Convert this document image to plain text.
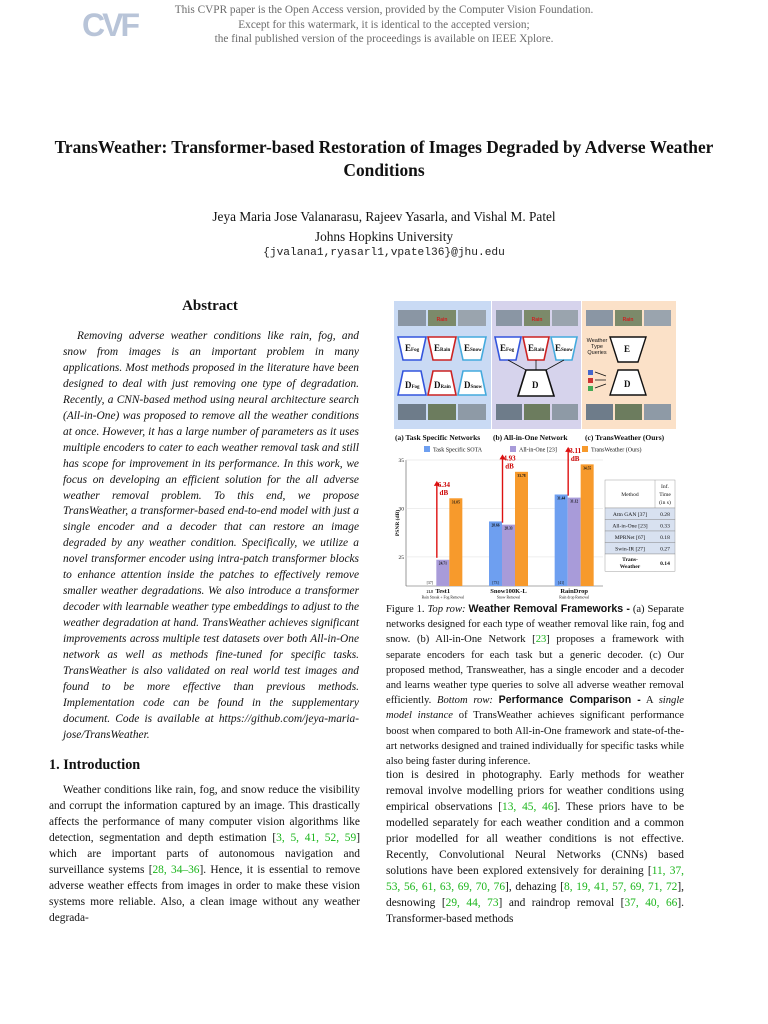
This CVPR paper is the Open Access version, provided by the Computer Vision Foundation.
Except for this watermark, it is identical to the accepted version;
the final published version of the proceedings is available on IEEE Xplore.
CVF
TransWeather: Transformer-based Restoration of Images Degraded by Adverse Weather Conditions
Jeya Maria Jose Valanarasu, Rajeev Yasarla, and Vishal M. Patel
Johns Hopkins University
{jvalana1,ryasarl1,vpatel36}@jhu.edu
Abstract

Removing adverse weather conditions like rain, fog, and snow from images is an important problem in many applications. Most methods proposed in the literature have been designed to deal with just removing one type of degradation. Recently, a CNN-based method using neural architecture search (All-in-One) was proposed to remove all the weather conditions at once. However, it has a large number of parameters as it uses multiple encoders to cater to each weather removal task and still has scope for improvement in its performance. In this work, we focus on developing an efficient solution for the all adverse weather removal problem. To this end, we propose TransWeather, a transformer-based end-to-end model with just a single encoder and a decoder that can restore an image degraded by any weather condition. Specifically, we utilize a novel transformer encoder using intra-patch transformer blocks to enhance attention inside the patches to effectively remove smaller weather degradations. We also introduce a transformer decoder with learnable weather type embeddings to adjust to the weather degradation at hand. TransWeather achieves significant improvements across multiple test datasets over both All-in-One network as well as methods fine-tuned for specific tasks. TransWeather is also validated on real world test images and found to be more effective than previous methods. Implementation code can be found in the supplementary document. Code is available at https://github.com/jeya-maria-jose/TransWeather.

1. Introduction

Weather conditions like rain, fog, and snow reduce the visibility and corrupt the information captured by an image. This drastically affects the performance of many computer vision algorithms like detection, segmentation and depth estimation [3, 5, 41, 52, 59] which are important parts of autonomous navigation and surveillance systems [28, 34–36]. Hence, it is essential to remove adverse weather effects from images in order to make these vision systems more reliable. Also, a clean image without any weather degrada-

tion is desired in photography. Early methods for weather removal involve modelling priors for weather conditions using empirical observations [13, 45, 46]. These priors have to be modelled separately for each weather condition and a common prior modelled for all weather conditions is not effective. Recently, Convolutional Neural Networks (CNNs) based solutions have been explored extensively for deraining [11, 37, 53, 56, 61, 63, 69, 70, 76], dehazing [8, 19, 41, 57, 69, 71, 72], desnowing [29, 44, 73] and raindrop removal [37, 40, 66]. Transformer-based methods

Figure 1. Top row: Weather Removal Frameworks - (a) Separate networks designed for each type of weather removal like rain, fog and snow. (b) All-in-One Network [23] proposes a framework with separate encoders for each task but a generic decoder. (c) Our proposed method, Transweather, has a single encoder and a decoder and learns weather type queries to solve all adverse weather removal efficiently. Bottom row: Performance Comparison - A single model instance of TransWeather achieves significant performance boost when compared to both All-in-One framework and state-of-the-art networks designed and trained individually for specific tasks while also being faster during inference.

Rain	Rain	Rain
EFog ERain ESnow
DFog DRain DSnow
EFog ERain ESnow
D
E
D
Weather Type Queries
(a) Task Specific Networks (b) All-in-One Network (c) TransWeather (Ours)
Task Specific SOTA	All-in-One [23]	TransWeather (Ours)
25
30
35
PSNR (dB)
21.8
[37]
24.71
31.05
6.34 dB
Test1
Rain Streak + Fog Removal
28.66
[73]
28.33
33.78
4.93 dB
Snow100K-L
Snow Removal
31.44
[41]
31.12
34.55
3.11 dB
RainDrop
Rain drop Removal
Method
Inf. Time (in s)
Attn GAN [37] 0.28
All-in-One [23] 0.33
MPRNet [67]	0.18
Swin-IR [27]	0.27
Trans-Weather	0.14
